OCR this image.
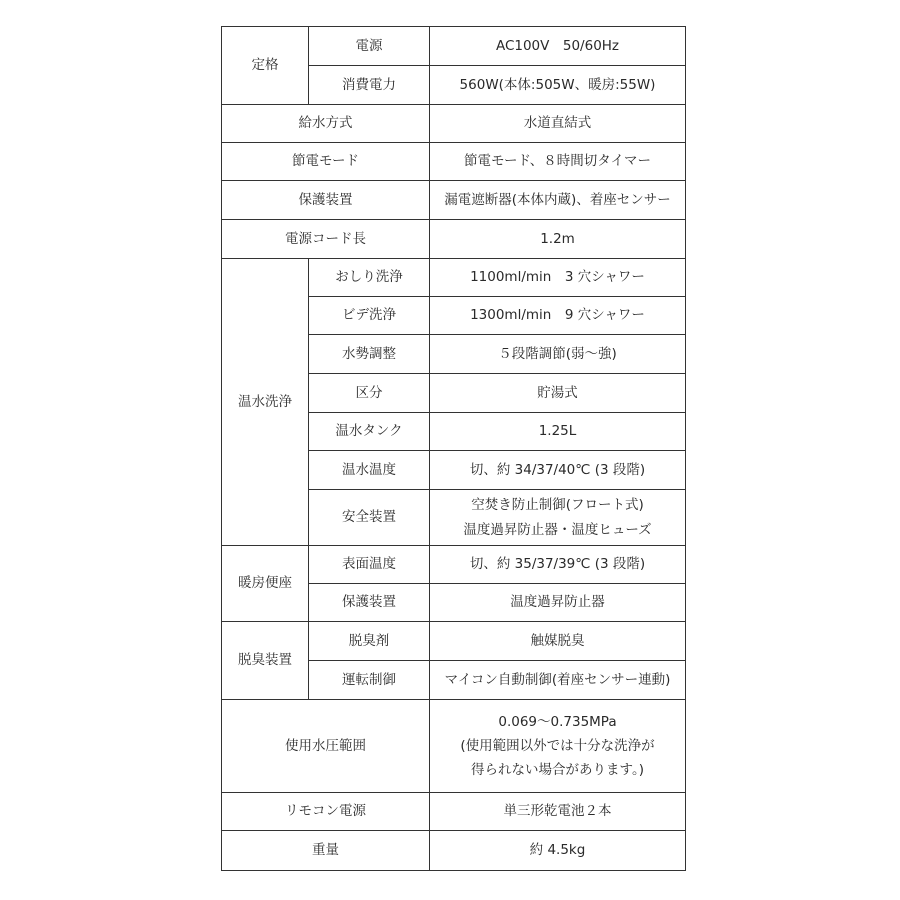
定格	電源	AC100V　50/60Hz
	消費電力	560W(本体:505W、暖房:55W)
給水方式		水道直結式
節電モード		節電モード、８時間切タイマー
保護装置		漏電遮断器(本体内蔵)、着座センサー
電源コード長		1.2m
温水洗浄	おしり洗浄	1100ml/min　3 穴シャワー
	ビデ洗浄	1300ml/min　9 穴シャワー
	水勢調整	５段階調節(弱～強)
	区分	貯湯式
	温水タンク	1.25L
	温水温度	切、約 34/37/40℃ (3 段階)
	安全装置	空焚き防止制御(フロート式)
温度過昇防止器・温度ヒューズ

暖房便座	表面温度	切、約 35/37/39℃ (3 段階)
	保護装置	温度過昇防止器
脱臭装置	脱臭剤	触媒脱臭
	運転制御	マイコン自動制御(着座センサー連動)
使用水圧範囲		0.069～0.735MPa
(使用範囲以外では十分な洗浄が
得られない場合があります。)

リモコン電源		単三形乾電池２本
重量		約 4.5kg
